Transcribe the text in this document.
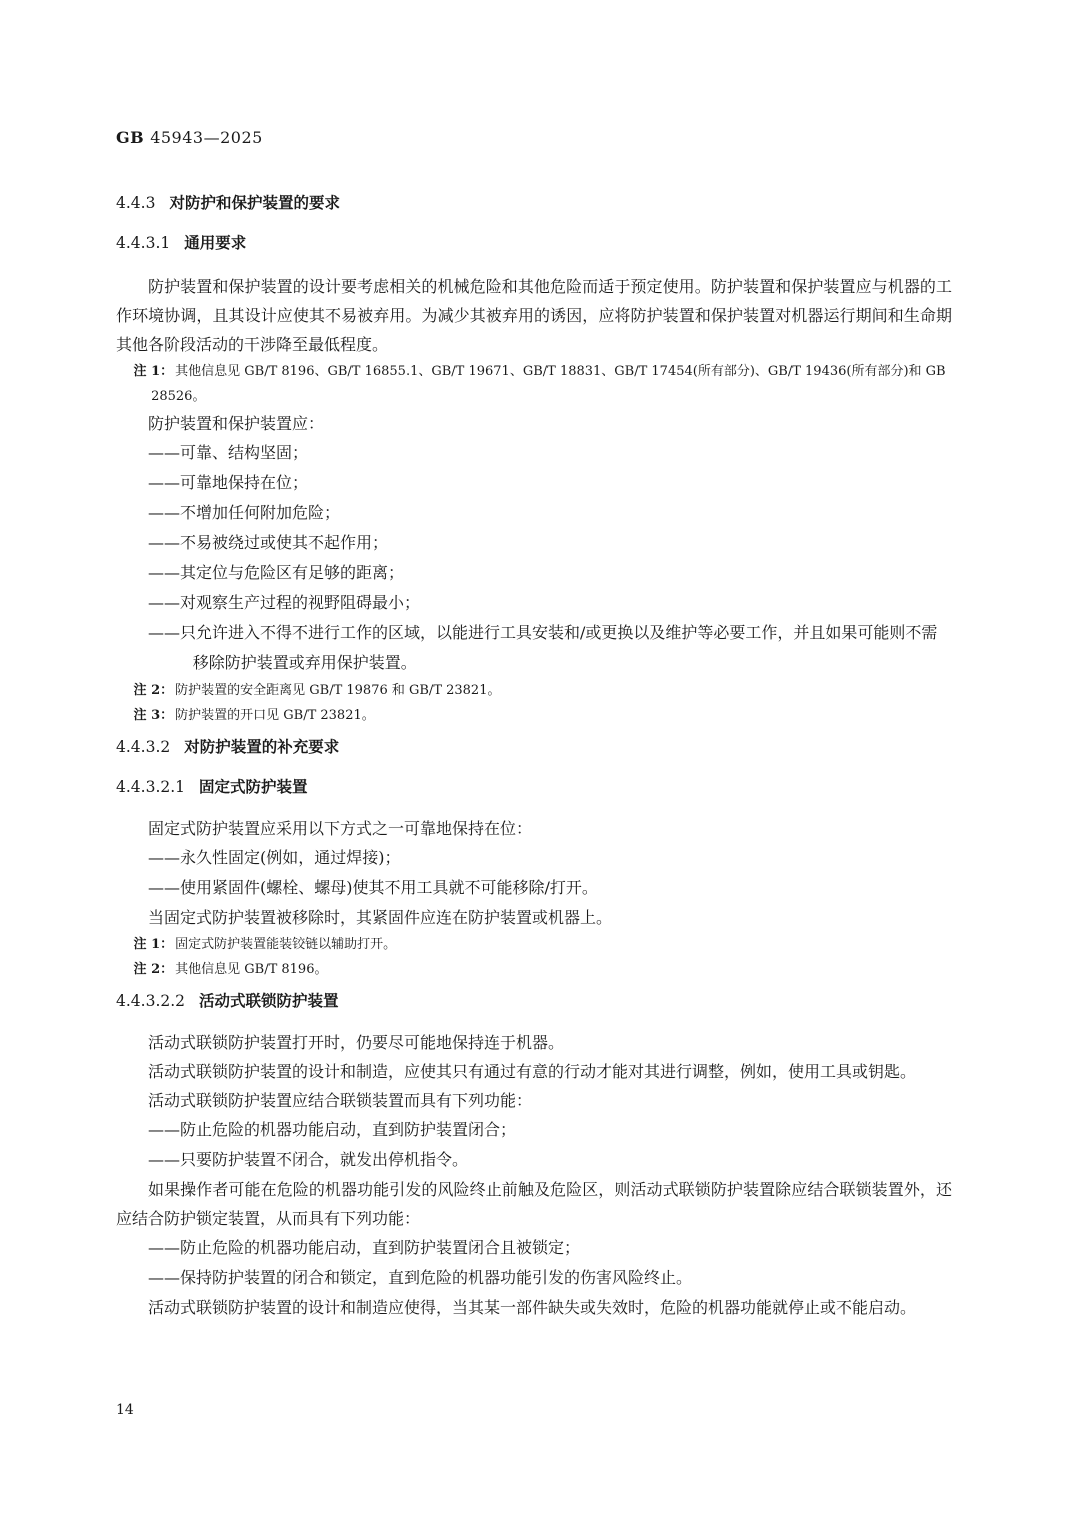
GB 45943—2025
4.4.3 对防护和保护装置的要求
4.4.3.1 通用要求

防护装置和保护装置的设计要考虑相关的机械危险和其他危险而适于预定使用。防护装置和保护装置应与机器的工作环境协调，且其设计应使其不易被弃用。为减少其被弃用的诱因，应将防护装置和保护装置对机器运行期间和生命期其他各阶段活动的干涉降至最低程度。

注 1： 其他信息见 GB/T 8196、GB/T 16855.1、GB/T 19671、GB/T 18831、GB/T 17454(所有部分)、GB/T 19436(所有部分)和 GB 28526。

防护装置和保护装置应：

——可靠、结构坚固；

——可靠地保持在位；

——不增加任何附加危险；

——不易被绕过或使其不起作用；

——其定位与危险区有足够的距离；

——对观察生产过程的视野阻碍最小；

——只允许进入不得不进行工作的区域，以能进行工具安装和/或更换以及维护等必要工作，并且如果可能则不需移除防护装置或弃用保护装置。

注 2： 防护装置的安全距离见 GB/T 19876 和 GB/T 23821。

注 3： 防护装置的开口见 GB/T 23821。

4.4.3.2 对防护装置的补充要求
4.4.3.2.1 固定式防护装置

固定式防护装置应采用以下方式之一可靠地保持在位：

——永久性固定(例如，通过焊接)；

——使用紧固件(螺栓、螺母)使其不用工具就不可能移除/打开。

当固定式防护装置被移除时，其紧固件应连在防护装置或机器上。

注 1： 固定式防护装置能装铰链以辅助打开。

注 2： 其他信息见 GB/T 8196。

4.4.3.2.2 活动式联锁防护装置

活动式联锁防护装置打开时，仍要尽可能地保持连于机器。

活动式联锁防护装置的设计和制造，应使其只有通过有意的行动才能对其进行调整，例如，使用工具或钥匙。

活动式联锁防护装置应结合联锁装置而具有下列功能：

——防止危险的机器功能启动，直到防护装置闭合；

——只要防护装置不闭合，就发出停机指令。

如果操作者可能在危险的机器功能引发的风险终止前触及危险区，则活动式联锁防护装置除应结合联锁装置外，还应结合防护锁定装置，从而具有下列功能：

——防止危险的机器功能启动，直到防护装置闭合且被锁定；

——保持防护装置的闭合和锁定，直到危险的机器功能引发的伤害风险终止。

活动式联锁防护装置的设计和制造应使得，当其某一部件缺失或失效时，危险的机器功能就停止或不能启动。

14
